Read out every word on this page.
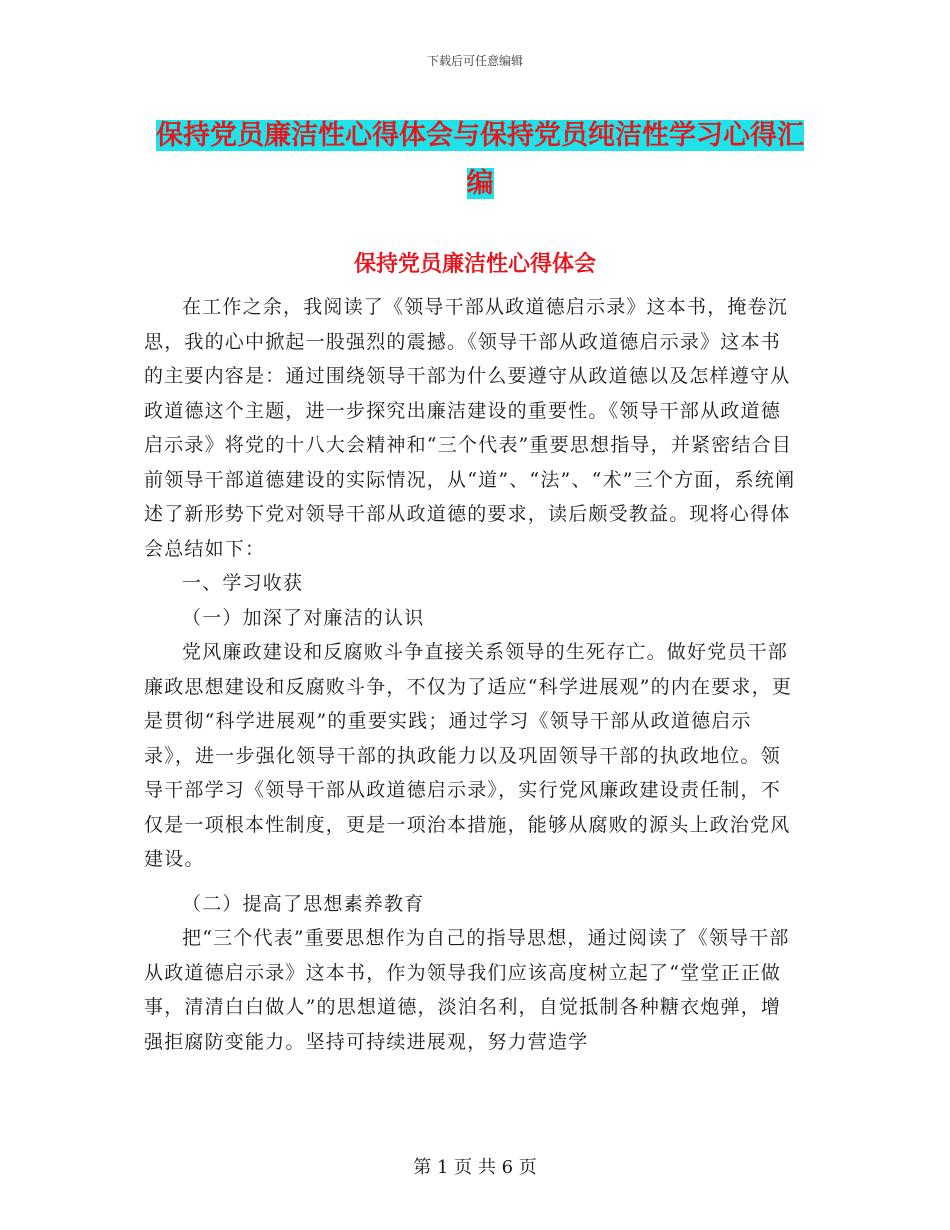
下载后可任意编辑
保持党员廉洁性心得体会与保持党员纯洁性学习心得汇编
保持党员廉洁性心得体会

在工作之余，我阅读了《领导干部从政道德启示录》这本书，掩卷沉思，我的心中掀起一股强烈的震撼。《领导干部从政道德启示录》这本书的主要内容是：通过围绕领导干部为什么要遵守从政道德以及怎样遵守从政道德这个主题，进一步探究出廉洁建设的重要性。《领导干部从政道德启示录》将党的十八大会精神和“三个代表”重要思想指导，并紧密结合目前领导干部道德建设的实际情况，从“道”、“法”、“术”三个方面，系统阐述了新形势下党对领导干部从政道德的要求，读后颇受教益。现将心得体会总结如下：

一、学习收获

（一）加深了对廉洁的认识

党风廉政建设和反腐败斗争直接关系领导的生死存亡。做好党员干部廉政思想建设和反腐败斗争，不仅为了适应“科学进展观”的内在要求，更是贯彻“科学进展观”的重要实践；通过学习《领导干部从政道德启示录》，进一步强化领导干部的执政能力以及巩固领导干部的执政地位。领导干部学习《领导干部从政道德启示录》，实行党风廉政建设责任制，不仅是一项根本性制度，更是一项治本措施，能够从腐败的源头上政治党风建设。

（二）提高了思想素养教育

把“三个代表”重要思想作为自己的指导思想，通过阅读了《领导干部从政道德启示录》这本书，作为领导我们应该高度树立起了“堂堂正正做事，清清白白做人”的思想道德，淡泊名利，自觉抵制各种糖衣炮弹，增强拒腐防变能力。坚持可持续进展观，努力营造学

第 1 页 共 6 页
